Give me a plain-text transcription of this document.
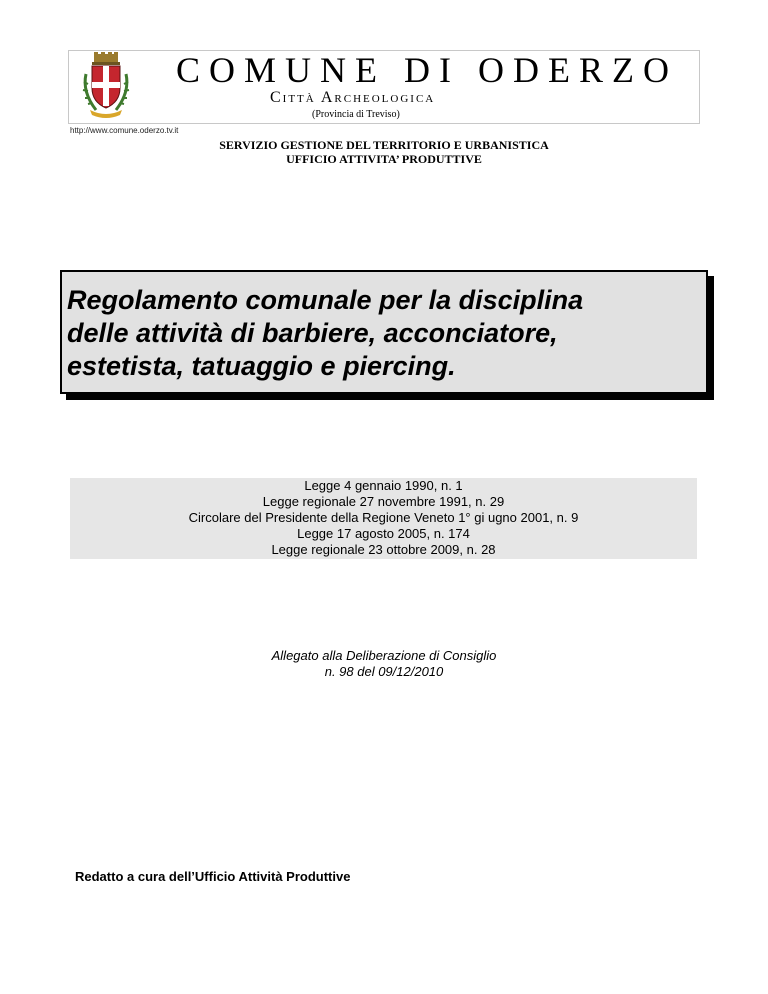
COMUNE DI ODERZO
Città Archeologica
(Provincia di Treviso)
http://www.comune.oderzo.tv.it
SERVIZIO GESTIONE DEL TERRITORIO E URBANISTICA
UFFICIO ATTIVITA’ PRODUTTIVE
Regolamento comunale per la disciplina
delle attività di barbiere, acconciatore,
estetista, tatuaggio e piercing.
Legge 4 gennaio 1990, n. 1
Legge regionale 27 novembre 1991, n. 29
Circolare del Presidente della Regione Veneto 1° gi ugno 2001, n. 9
Legge 17 agosto 2005, n. 174
Legge regionale 23 ottobre 2009, n. 28
Allegato alla Deliberazione di Consiglio
n. 98 del 09/12/2010
Redatto a cura dell’Ufficio Attività Produttive
